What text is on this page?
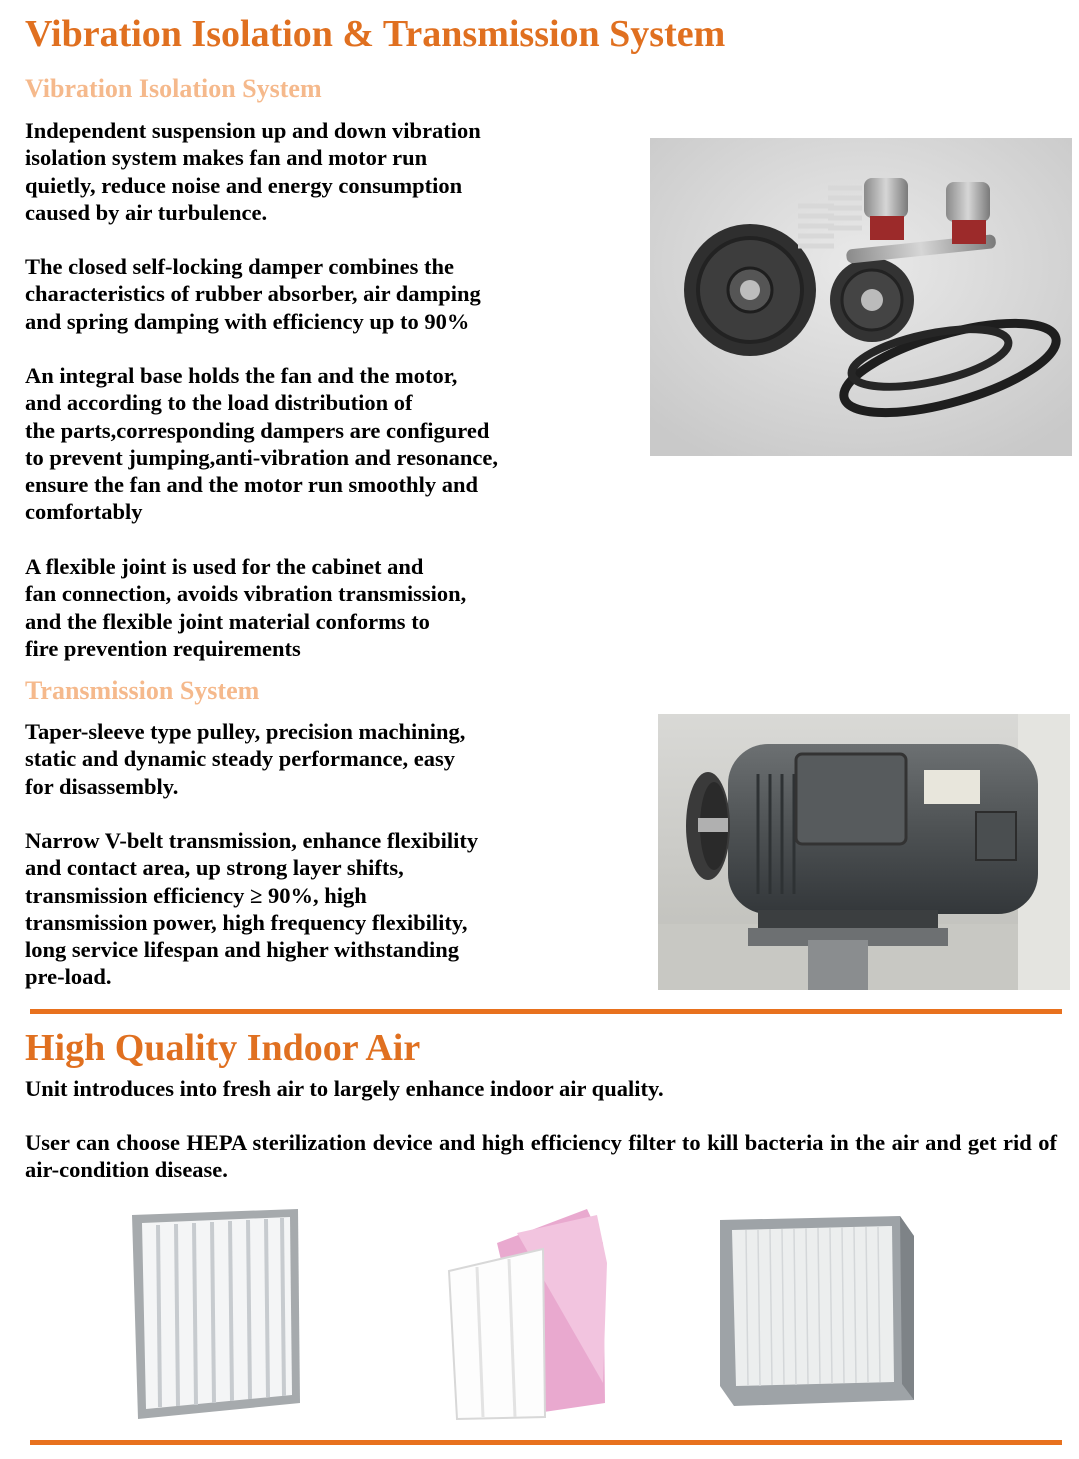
Vibration Isolation & Transmission System
Vibration Isolation System

Independent suspension up and down vibration
isolation system makes fan and motor run
quietly, reduce noise and energy consumption
caused by air turbulence.

The closed self-locking damper combines the
characteristics of rubber absorber, air damping
and spring damping with efficiency up to 90%

An integral base holds the fan and the motor,
and according to the load distribution of
the parts,corresponding dampers are configured
to prevent jumping,anti-vibration and resonance,
ensure the fan and the motor run smoothly and
comfortably

A flexible joint is used for the cabinet and
fan connection, avoids vibration transmission,
and the flexible joint material conforms to
fire prevention requirements

Transmission System

Taper-sleeve type pulley, precision machining,
static and dynamic steady performance, easy
for disassembly.

Narrow V-belt transmission, enhance flexibility
and contact area, up strong layer shifts,
transmission efficiency ≥ 90%, high
transmission power, high frequency flexibility,
long service lifespan and higher withstanding
pre-load.

High Quality Indoor Air

Unit introduces into fresh air to largely enhance indoor air quality.

User can choose HEPA sterilization device and high efficiency filter to kill bacteria in the air and get rid of air-condition disease.
